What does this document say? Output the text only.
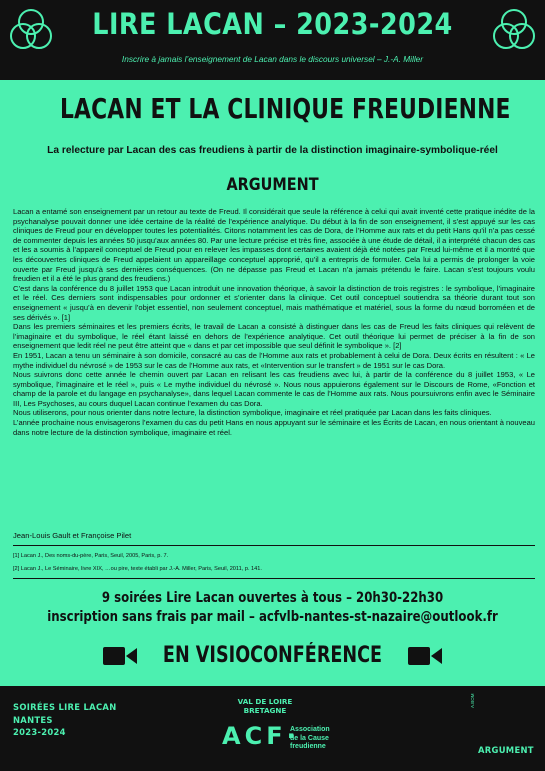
LIRE LACAN – 2023-2024
Inscrire à jamais l’enseignement de Lacan dans le discours universel – J.-A. Miller
LACAN ET LA CLINIQUE FREUDIENNE
La relecture par Lacan des cas freudiens à partir de la distinction imaginaire-symbolique-réel
ARGUMENT

Lacan a entamé son enseignement par un retour au texte de Freud. Il considérait que seule la référence à celui qui avait inventé cette pratique inédite de la psychanalyse pouvait donner une idée certaine de la réalité de l’expérience analytique. Du début à la fin de son enseignement, il s’est appuyé sur les cas cliniques de Freud pour en développer toutes les potentialités. Citons notamment les cas de Dora, de l’Homme aux rats et du petit Hans qu’il n’a pas cessé de commenter depuis les années 50 jusqu’aux années 80. Par une lecture précise et très fine, associée à une étude de détail, il a interprété chacun des cas et les a soumis à l’appareil conceptuel de Freud pour en relever les impasses dont certaines avaient déjà été notées par Freud lui-même et il a montré que les découvertes cliniques de Freud appelaient un appareillage conceptuel approprié, qu’il a entrepris de formuler. Cela lui a permis de prolonger la voie ouverte par Freud jusqu’à ses dernières conséquences. (On ne dépasse pas Freud et Lacan n’a jamais prétendu le faire. Lacan s’est toujours voulu freudien et il a été le plus grand des freudiens.)

C’est dans la conférence du 8 juillet 1953 que Lacan introduit une innovation théorique, à savoir la distinction de trois registres : le symbolique, l’imaginaire et le réel. Ces derniers sont indispensables pour ordonner et s’orienter dans la clinique. Cet outil conceptuel soutiendra sa théorie durant tout son enseignement « jusqu’à en devenir l’objet essentiel, non seulement conceptuel, mais mathématique et matériel, sous la forme du nœud borroméen et de ses dérivés ». [1]

Dans les premiers séminaires et les premiers écrits, le travail de Lacan a consisté à distinguer dans les cas de Freud les faits cliniques qui relèvent de l’imaginaire et du symbolique, le réel étant laissé en dehors de l’expérience analytique. Cet outil théorique lui permet de préciser à la fin de son enseignement que ledit réel ne peut être atteint que « dans et par cet impossible que seul définit le symbolique ». [2]

En 1951, Lacan a tenu un séminaire à son domicile, consacré au cas de l’Homme aux rats et probablement à celui de Dora. Deux écrits en résultent : « Le mythe individuel du névrosé » de 1953 sur le cas de l’Homme aux rats, et «Intervention sur le transfert » de 1951 sur le cas Dora.

Nous suivrons donc cette année le chemin ouvert par Lacan en relisant les cas freudiens avec lui, à partir de la conférence du 8 juillet 1953, « Le symbolique, l’imaginaire et le réel », puis « Le mythe individuel du névrosé ». Nous nous appuierons également sur le Discours de Rome, «Fonction et champ de la parole et du langage en psychanalyse», dans lequel Lacan commente le cas de l’Homme aux rats. Nous poursuivrons enfin avec le Séminaire III, Les Psychoses, au cours duquel Lacan continue l’examen du cas Dora.

Nous utiliserons, pour nous orienter dans notre lecture, la distinction symbolique, imaginaire et réel pratiquée par Lacan dans les faits cliniques.

L’année prochaine nous envisagerons l’examen du cas du petit Hans en nous appuyant sur le séminaire et les Écrits de Lacan, en nous orientant à nouveau dans notre lecture de la distinction symbolique, imaginaire et réel.

Jean-Louis Gault et Françoise Pilet
[1] Lacan J., Des noms-du-père, Paris, Seuil, 2005, Paris, p. 7.
[2] Lacan J., Le Séminaire, livre XIX, …ou pire, texte établi par J.-A. Miller, Paris, Seuil, 2011, p. 141.
9 soirées Lire Lacan ouvertes à tous – 20h30-22h30
inscription sans frais par mail – acfvlb-nantes-st-nazaire@outlook.fr
EN VISIOCONFÉRENCE
SOIRÉES LIRE LACAN
NANTES
2023-2024
VAL DE LOIRE
BRETAGNE
ACF·
Association
de la Cause
freudienne
A.BOM
ARGUMENT
